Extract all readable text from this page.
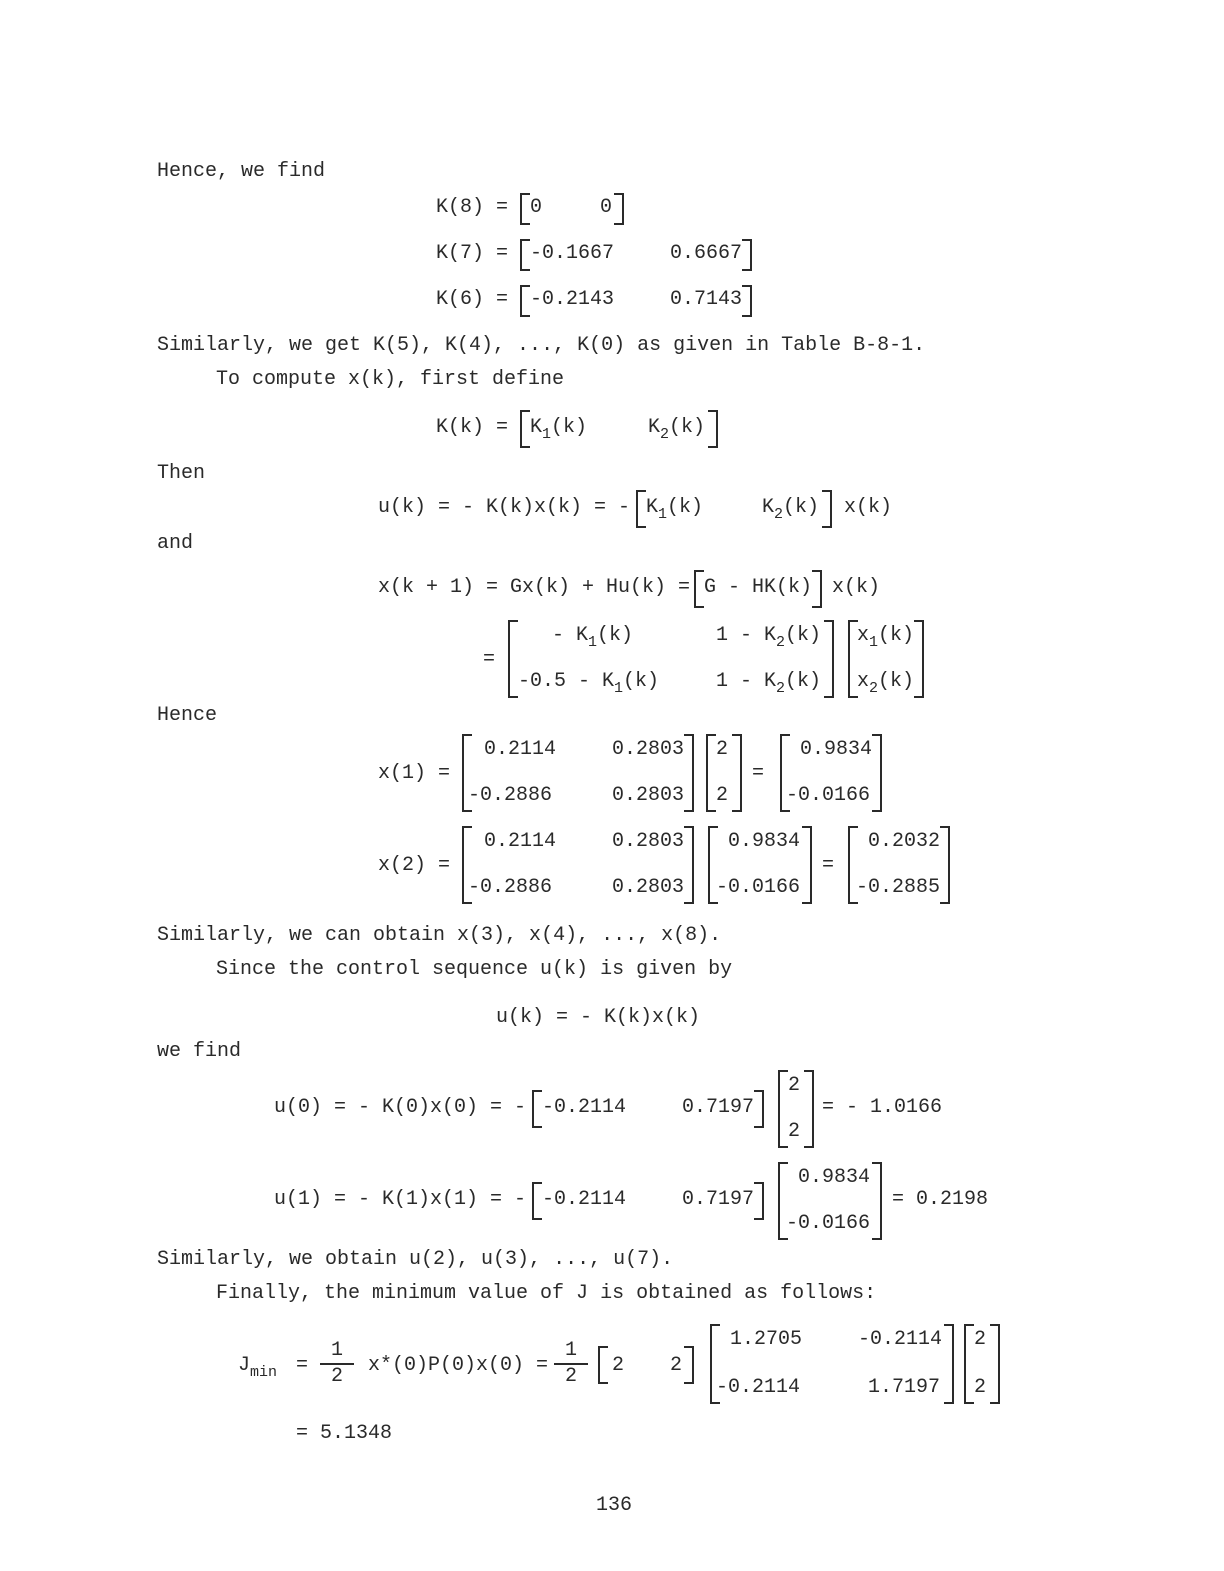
Hence, we find
K(8) = 0	0
K(7) = -0.1667	0.6667
K(6) = -0.2143	0.7143
Similarly, we get K(5), K(4), ..., K(0) as given in Table B-8-1.
To compute x(k), first define
$K(k) = K_1(k)$	$K_2(k)$
Then
u(k) = - K(k)x(k) = - $K_1(k)$	$K_2(k)$ x(k)
and
x(k + 1) = Gx(k) + Hu(k) = G - HK(k) x(k)
=
- $K_1(k)$	$1 - K_2(k)$
$-0.5 - K_1(k)$	$1 - K_2(k)$
$x_1(k)$
$x_2(k)$
Hence
x(1) =
0.2114	0.2803
-0.2886	0.2803
2
2
=
0.9834
-0.0166
x(2) =
0.2114	0.2803
-0.2886	0.2803
0.9834
-0.0166
=
0.2032
-0.2885
Similarly, we can obtain x(3), x(4), ..., x(8).
Since the control sequence u(k) is given by
u(k) = - K(k)x(k)
we find
u(0) = - K(0)x(0) = - -0.2114	0.7197
2
2
= - 1.0166
u(1) = - K(1)x(1) = - -0.2114	0.7197
0.9834
-0.0166
= 0.2198
Similarly, we obtain u(2), u(3), ..., u(7).
Finally, the minimum value of J is obtained as follows:
$J_{min}$ =
1
2	x*(0)P(0)x(0) =
1
2	2 2
1.2705	-0.2114
-0.2114	1.7197
2
2
= 5.1348
136
